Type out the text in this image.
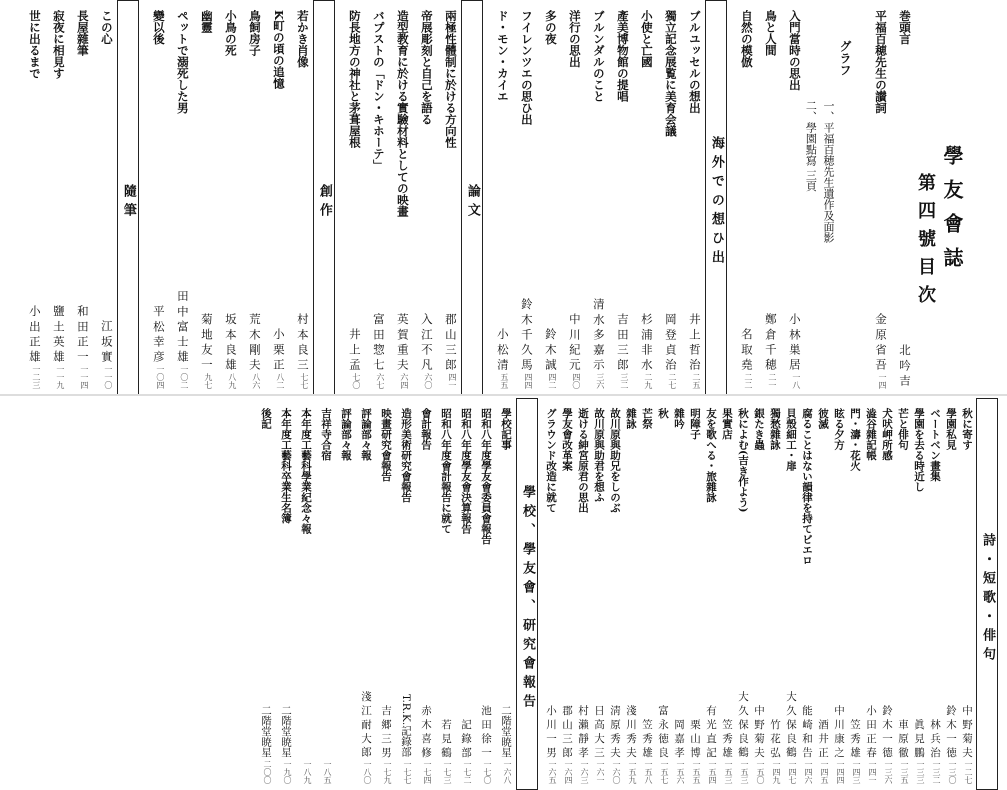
學友會誌
第四號目次
巻頭言
北 吟 吉
平福百穂先生の讃詞
金 原 省 吾
一四
グラフ
一、平福百穂先生遺作及面影
二、學園點寫 三頁
入門當時の思出
小 林 巣 居
一八
鳥と人間
鄭 倉 千 穂
二一
自然の模倣
名 取 堯
二二
海外での想ひ出
ブルユッセルの想出
井 上 哲 治
二五
獨立記念展覧に美育会議
岡 登 貞 治
二七
小使と亡國
杉 浦 非 水
二九
產美博物館の提唱
吉 田 三 郎
三二
ブルンダルのこと
清 水 多 嘉 示
三六
洋行の思出
中 川 紀 元
四〇
多の夜
鈴 木 誠
四二
フイレンツエの思ひ出
鈴 木 千 久 馬
四四
ド・モン・カイエ
小 松 清
五五
論文
兩極性體制に於ける方向性
郡 山 三 郎
四一
帝展彫刻と自己を語る
入 江 不 凡
六〇
造型教育に於ける實驗材料としての映畫
英 賀 重 夫
六四
バプストの「ドン・キホーテ」
富 田 惣 七
六七
防長地方の神社と茅葺屋根
井 上 孟
七〇
創作
若かき肖像
村 本 良 三
七七
K町の頃の追憶
小 栗 正
八二
鳥飼房子
荒 木 剛 夫
八六
小鳥の死
坂 本 良 雄
八九
幽靈
菊 地 友 一
九七
ペットで溺死した男
田 中 富 士 雄
一〇二
變以後
平 松 幸 彦
一〇四
隨筆
この心
江 坂 實
一一〇
長屋雜筆
和 田 正 一
一一四
寂夜に相見す
鹽 土 英 雄
一一九
世に出るまで
小 出 正 雄
一二三
詩・短歌・俳句
秋に寄す
中 野 菊 夫
一二七
學園私見
鈴 木 一 徳
一三〇
ベートベン畫集
林 兵 治
一三二
學園を去る時近し
眞 見 鵬
一三三
芒と俳句
車 原 徹
一三五
犬吠岬所感
鈴 木 一 德
一三六
澁谷雜記帳
小 田 正 春
一四一
門・濤・花火
笠 秀 雄
一四三
眩る夕方
中 川 康 之
一四四
彼滅
酒 井 正
一四五
腐ることはない韻律を持てビエロ
能 崎 和 告
一四六
貝殼細工・扉
大 久 保 良 鶴
一四七
獨愁雜詠
竹 花 弘
一四九
銀たき蟲
中 野 菊 夫
一五〇
秋によむ(吉き作よう)
大 久 保 良 鶴
一五三
果實店
笠 秀 雄
一五三
友を歌へる・旅雜詠
有 光 直 記
一五四
明障子
栗 山 博
一五五
雜吟
岡 嘉 孝
一五六
秋
富 永 徳 良
一五七
芒祭
笠 秀 雄
一五八
雜詠
淺 川 秀 夫
一五九
故川原與助兄をしのぶ
淸 原 秀 夫
一六〇
故川原與助君を想ふ
日 高 大 三
一六一
逝ける紳宮原君の思出
村 瀨 靜 孝
一六三
學友會改革案
郡 山 三 郎
一六四
グラウンド改造に就て
小 川 一 男
一六五
學校、學友會、研究會報告
學校記事
二階堂暁星
一六八
昭和八年度學友會委員會報告
池 田 徐 一
一七〇
昭和八年度學友會決算報告
記 錄 部
一七二
昭和八年度會計報告に就て
若 見 鶴
一七三
會計報告
赤 木 喜 修
一七四
造形美術研究會報告
T.R.K.記錄部
一七七
映畫研究會報告
吉 郷 三 男
一七九
評論部々報
淺 江 耐 大 郎
一八〇
評論部々報
吉祥寺合宿
一八五
本年度工藝科學業紀念々報
一八九
本年度工藝科卒業生名簿
二階堂暁星
一九〇
後記
二階堂暁星
二〇〇
